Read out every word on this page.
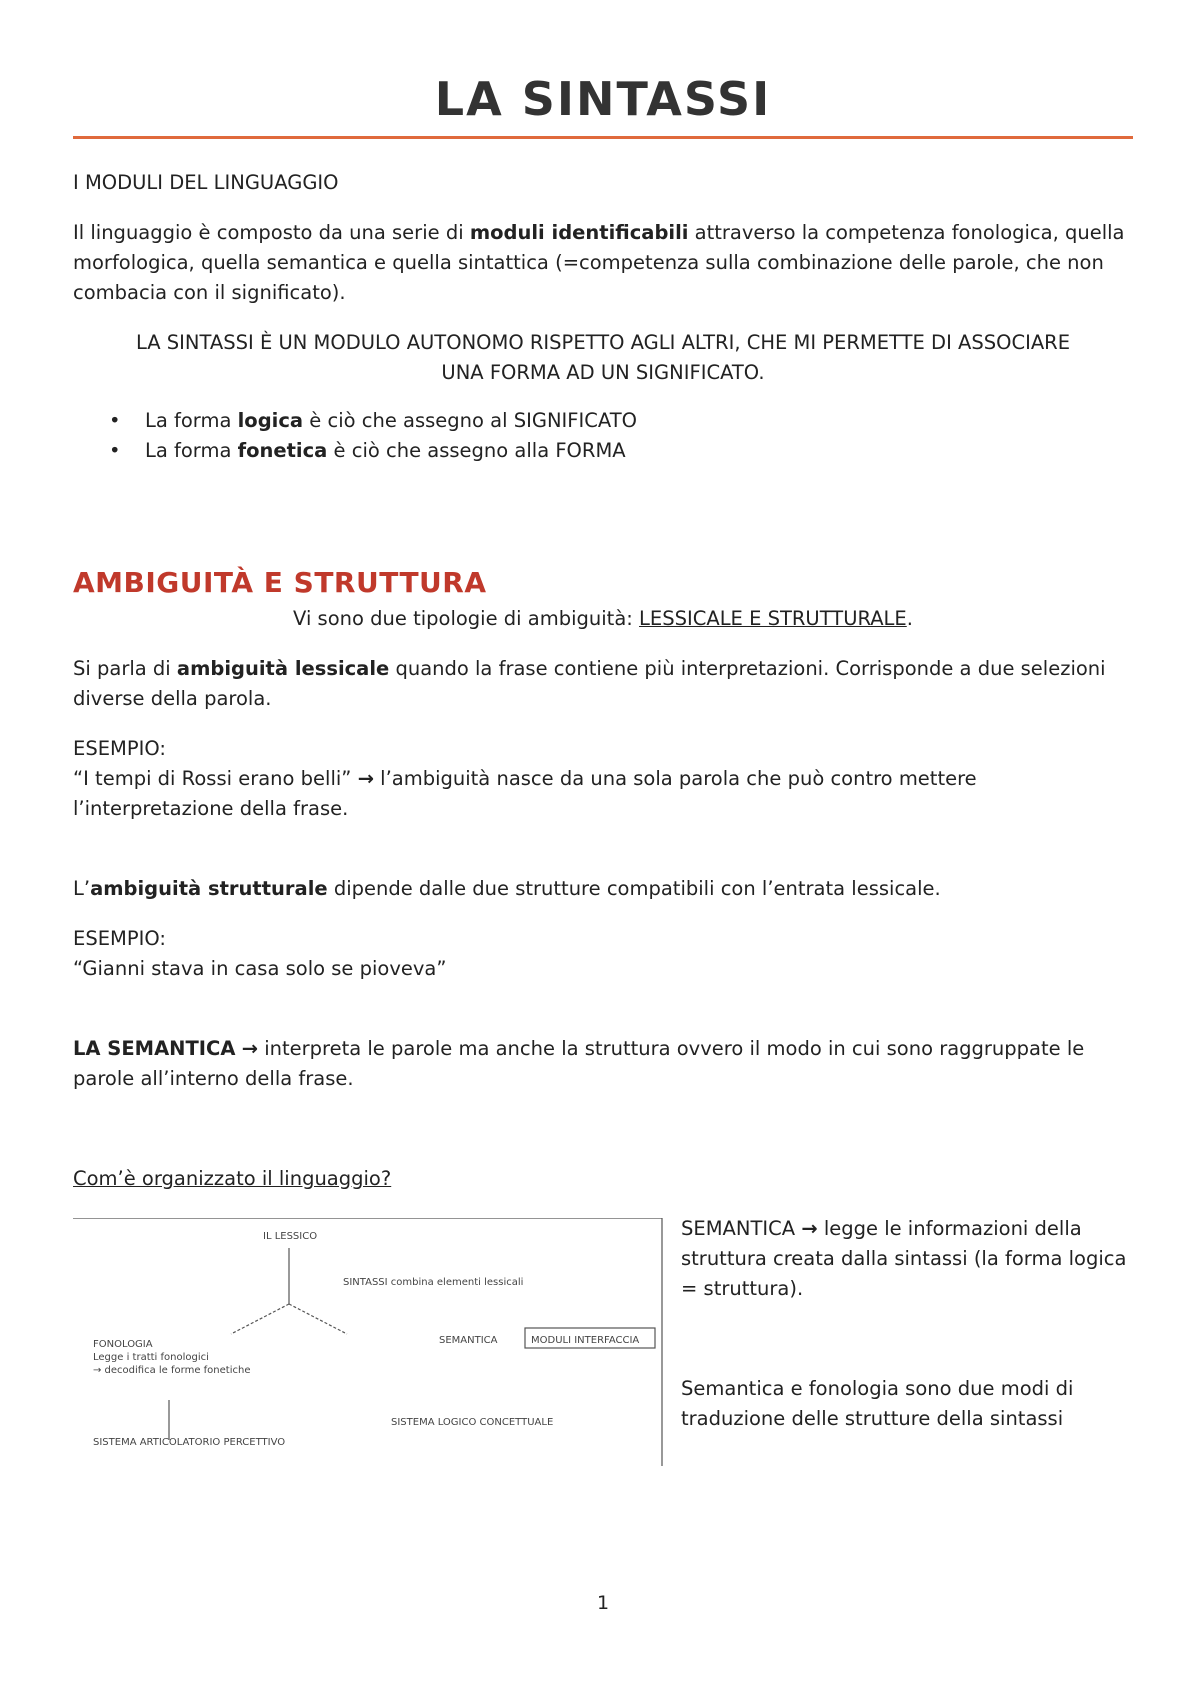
LA SINTASSI

I MODULI DEL LINGUAGGIO

Il linguaggio è composto da una serie di moduli identificabili attraverso la competenza fonologica, quella morfologica, quella semantica e quella sintattica (=competenza sulla combinazione delle parole, che non combacia con il significato).

LA SINTASSI È UN MODULO AUTONOMO RISPETTO AGLI ALTRI, CHE MI PERMETTE DI ASSOCIARE UNA FORMA AD UN SIGNIFICATO.

• La forma logica è ciò che assegno al SIGNIFICATO
• La forma fonetica è ciò che assegno alla FORMA
AMBIGUITÀ E STRUTTURA

Vi sono due tipologie di ambiguità: LESSICALE E STRUTTURALE.

Si parla di ambiguità lessicale quando la frase contiene più interpretazioni. Corrisponde a due selezioni diverse della parola.

ESEMPIO:

“I tempi di Rossi erano belli” → l’ambiguità nasce da una sola parola che può contro mettere l’interpretazione della frase.

L’ambiguità strutturale dipende dalle due strutture compatibili con l’entrata lessicale.

ESEMPIO:

“Gianni stava in casa solo se pioveva”

LA SEMANTICA → interpreta le parole ma anche la struttura ovvero il modo in cui sono raggruppate le parole all’interno della frase.

Com’è organizzato il linguaggio?

IL LESSICO
SINTASSI combina elementi lessicali
FONOLOGIA
Legge i tratti fonologici
→ decodifica le forme fonetiche
SEMANTICA	MODULI INTERFACCIA
SISTEMA LOGICO CONCETTUALE
SISTEMA ARTICOLATORIO PERCETTIVO

SEMANTICA → legge le informazioni della struttura creata dalla sintassi (la forma logica = struttura).

Semantica e fonologia sono due modi di traduzione delle strutture della sintassi

1
